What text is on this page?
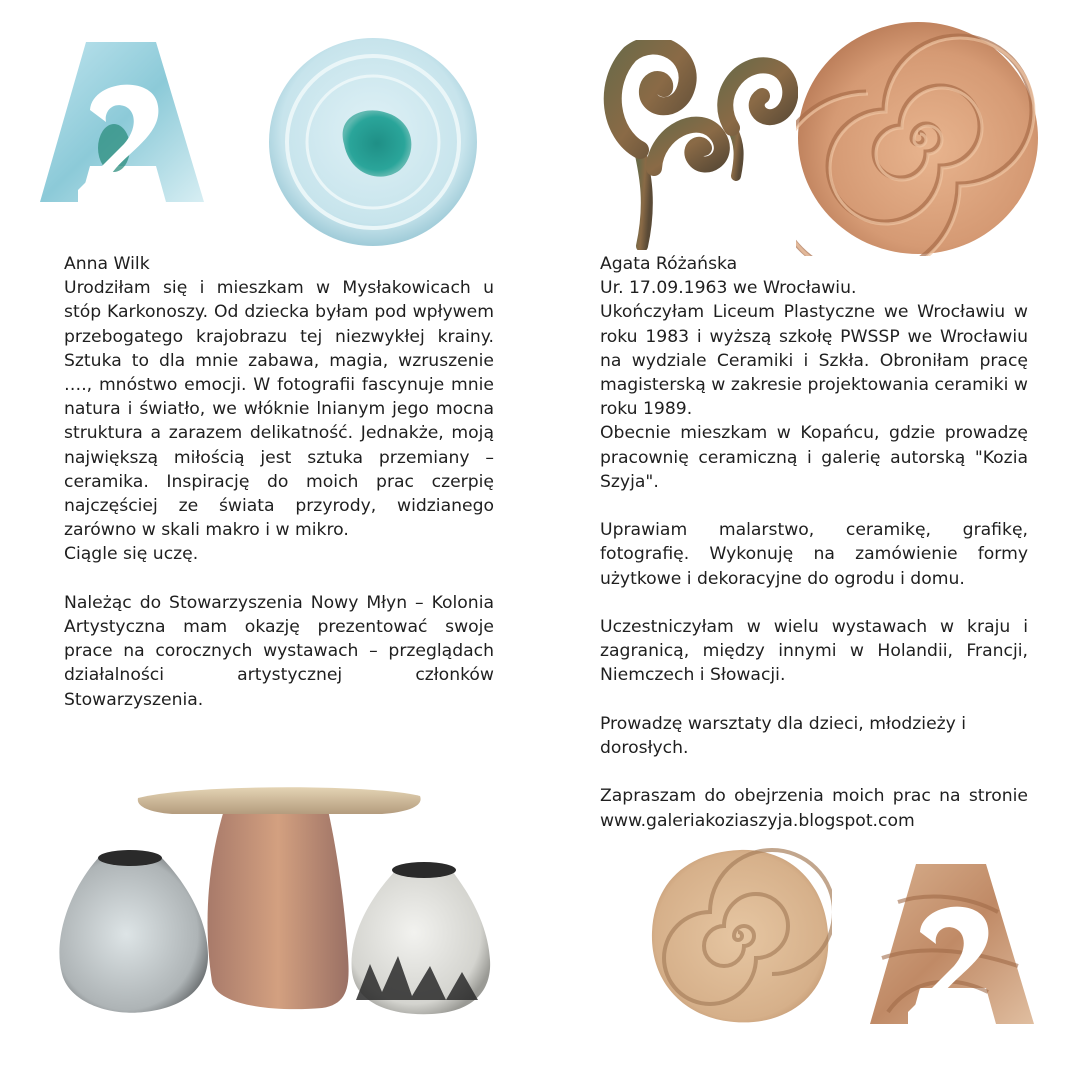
Anna Wilk

Urodziłam się i mieszkam w Mysłakowicach u stóp Karkonoszy. Od dziecka byłam pod wpływem przebogatego krajobrazu tej niezwykłej krainy. Sztuka to dla mnie zabawa, magia, wzruszenie …., mnóstwo emocji. W fotografii fascynuje mnie natura i światło, we włóknie lnianym jego mocna struktura a zarazem delikatność. Jednakże, moją największą miłością jest sztuka przemiany – ceramika. Inspirację do moich prac czerpię najczęściej ze świata przyrody, widzianego zarówno w skali makro i w mikro.

Ciągle się uczę.

Należąc do Stowarzyszenia Nowy Młyn – Kolonia Artystyczna mam okazję prezentować swoje prace na corocznych wystawach – przeglądach działalności artystycznej członków Stowarzyszenia.

Agata Różańska

Ur. 17.09.1963 we Wrocławiu.

Ukończyłam Liceum Plastyczne we Wrocławiu w roku 1983 i wyższą szkołę PWSSP we Wrocławiu na wydziale Ceramiki i Szkła. Obroniłam pracę magisterską w zakresie projektowania ceramiki w roku 1989.

Obecnie mieszkam w Kopańcu, gdzie prowadzę pracownię ceramiczną i galerię autorską "Kozia Szyja".

Uprawiam malarstwo, ceramikę, grafikę, fotografię. Wykonuję na zamówienie formy użytkowe i dekoracyjne do ogrodu i domu.

Uczestniczyłam w wielu wystawach w kraju i zagranicą, między innymi w Holandii, Francji, Niemczech i Słowacji.

Prowadzę warsztaty dla dzieci, młodzieży i dorosłych.

Zapraszam do obejrzenia moich prac na stronie www.galeriakoziaszyja.blogspot.com
